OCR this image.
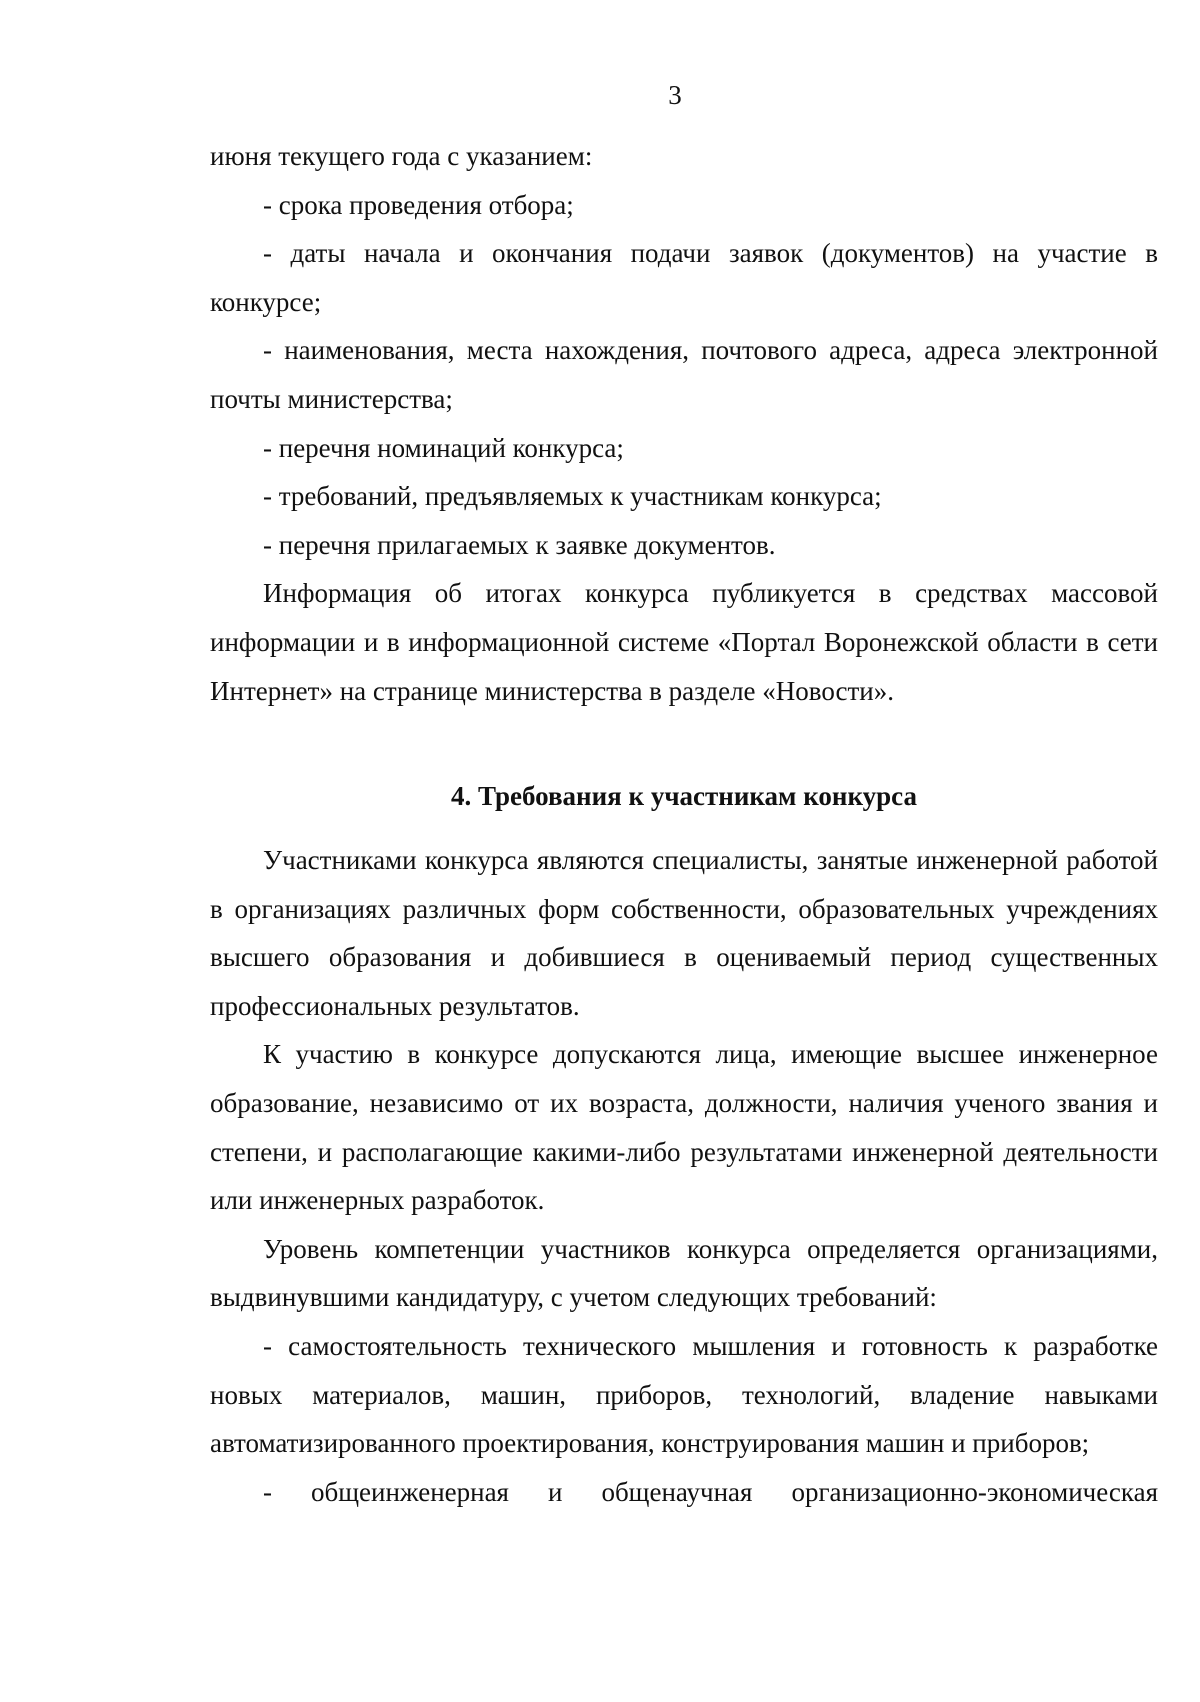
3

июня текущего года с указанием:

- срока проведения отбора;

- даты начала и окончания подачи заявок (документов) на участие в конкурсе;

- наименования, места нахождения, почтового адреса, адреса электронной почты министерства;

- перечня номинаций конкурса;

- требований, предъявляемых к участникам конкурса;

- перечня прилагаемых к заявке документов.

Информация об итогах конкурса публикуется в средствах массовой информации и в информационной системе «Портал Воронежской области в сети Интернет» на странице министерства в разделе «Новости».

4. Требования к участникам конкурса

Участниками конкурса являются специалисты, занятые инженерной работой в организациях различных форм собственности, образовательных учреждениях высшего образования и добившиеся в оцениваемый период существенных профессиональных результатов.

К участию в конкурсе допускаются лица, имеющие высшее инженерное образование, независимо от их возраста, должности, наличия ученого звания и степени, и располагающие какими-либо результатами инженерной деятельности или инженерных разработок.

Уровень компетенции участников конкурса определяется организациями, выдвинувшими кандидатуру, с учетом следующих требований:

- самостоятельность технического мышления и готовность к разработке новых материалов, машин, приборов, технологий, владение навыками автоматизированного проектирования, конструирования машин и приборов;

- общеинженерная и общенаучная организационно-экономическая
